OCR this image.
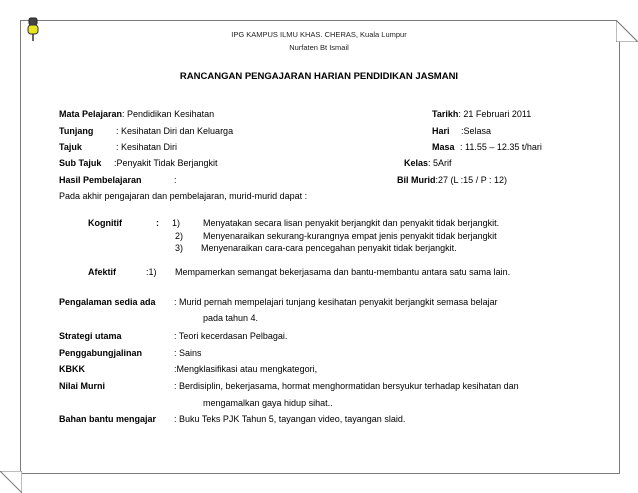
IPG KAMPUS ILMU KHAS. CHERAS, Kuala Lumpur
Nurfaten Bt Ismail
RANCANGAN PENGAJARAN HARIAN PENDIDIKAN JASMANI
Mata Pelajaran: Pendidikan Kesihatan	Tarikh: 21 Februari 2011
Tunjang	: Kesihatan Diri dan Keluarga	Hari :Selasa
Tajuk	: Kesihatan Diri	Masa : 11.55 – 12.35 t/hari
Sub Tajuk :Penyakit Tidak Berjangkit	Kelas: 5Arif
Hasil Pembelajaran	:	Bil Murid:27 (L :15 / P : 12)
Pada akhir pengajaran dan pembelajaran, murid-murid dapat :
Kognitif	: 1)	Menyatakan secara lisan penyakit berjangkit dan penyakit tidak berjangkit.
2) Menyenaraikan sekurang-kurangnya empat jenis penyakit tidak berjangkit
3) Menyenaraikan cara-cara pencegahan penyakit tidak berjangkit.
Afektif	:1) Mempamerkan semangat bekerjasama dan bantu-membantu antara satu sama lain.
Pengalaman sedia ada : Murid pernah mempelajari tunjang kesihatan penyakit berjangkit semasa belajar
pada tahun 4.
Strategi utama	: Teori kecerdasan Pelbagai.
Penggabungjalinan	: Sains
KBKK	:Mengklasifikasi atau mengkategori,
Nilai Murni	: Berdisiplin, bekerjasama, hormat menghormatidan bersyukur terhadap kesihatan dan
mengamalkan gaya hidup sihat..
Bahan bantu mengajar : Buku Teks PJK Tahun 5, tayangan video, tayangan slaid.
